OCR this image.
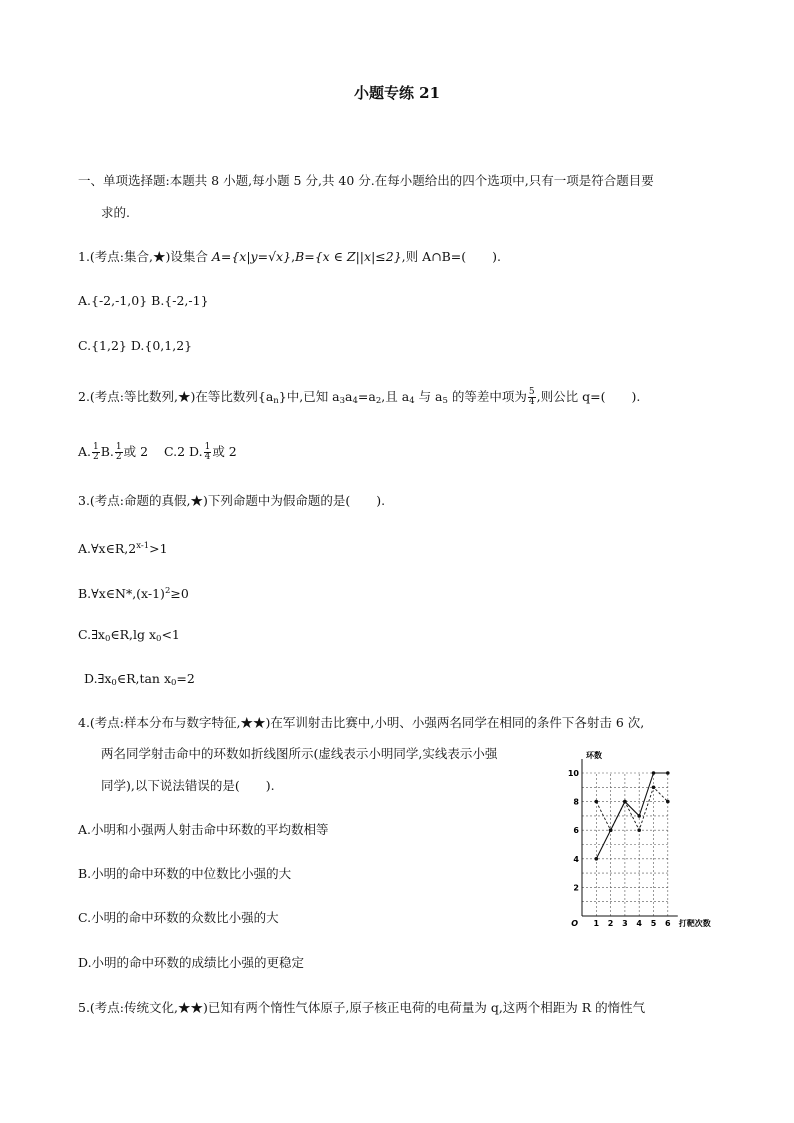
小题专练 21
一、单项选择题:本题共 8 小题,每小题 5 分,共 40 分.在每小题给出的四个选项中,只有一项是符合题目要
求的.
1.(考点:集合,★)设集合 A={x|y=√x},B={x ∈ Z||x|≤2},则 A∩B=( ).
A.{-2,-1,0} B.{-2,-1}
C.{1,2} D.{0,1,2}
2.(考点:等比数列,★)在等比数列$\{a_n\}$中,已知 $a_3a_4=a_2$,且 $a_4$ 与 $a_5$ 的等差中项为 $\frac{5}{4}$ ,则公比 q=( ).
A. $\frac{1}{2} B$. $\frac{1}{2}$ 或 2 C.2 D. $\frac{1}{4}$ 或 2
3.(考点:命题的真假,★)下列命题中为假命题的是( ).
$A.\forall x\in R,2^{x-1}>1$
$B.\forall x\in N*,(x-1)^2\ge 0$
$C.\exists x_0\in R,\lg$ $x_0<1$
$D.\exists x_0\in R,\tan$ $x_0=2$
4.(考点:样本分布与数字特征,★★)在军训射击比赛中,小明、小强两名同学在相同的条件下各射击 6 次,
两名同学射击命中的环数如折线图所示(虚线表示小明同学,实线表示小强
同学),以下说法错误的是( ).
A.小明和小强两人射击命中环数的平均数相等
B.小明的命中环数的中位数比小强的大
C.小明的命中环数的众数比小强的大
D.小明的命中环数的成绩比小强的更稳定
5.(考点:传统文化,★★)已知有两个惰性气体原子,原子核正电荷的电荷量为 q,这两个相距为 R 的惰性气
1 2 3 4 5 6
2
4
6
8
10
O
环数
打靶次数
